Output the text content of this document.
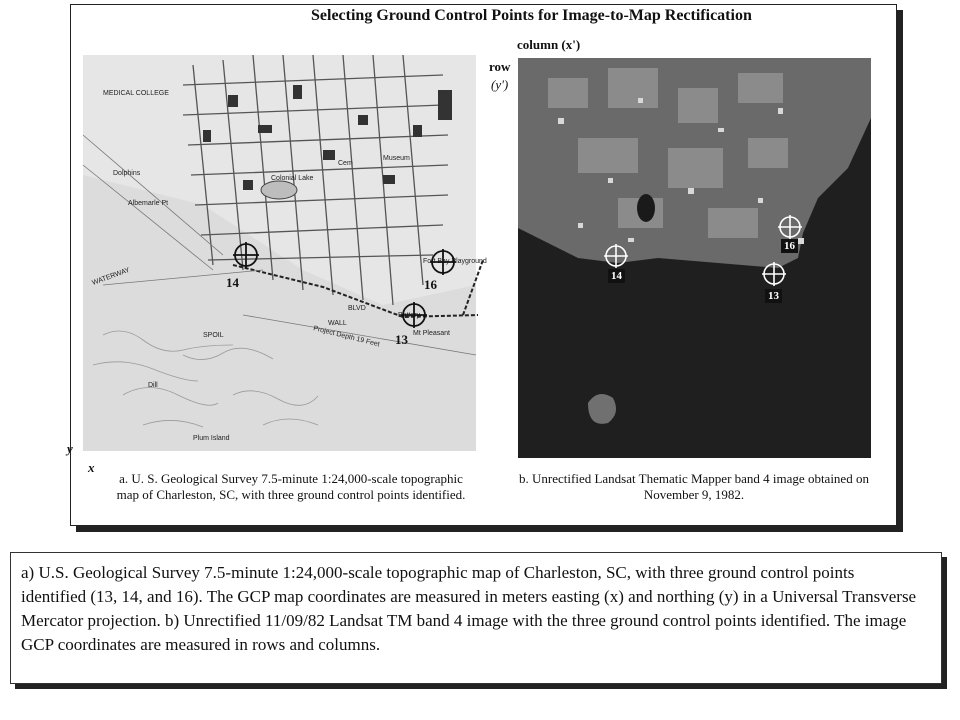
Selecting Ground Control Points for Image-to-Map Rectification
column (x')
row
(y')
Colonial Lake
MEDICAL COLLEGE
Albemarle Pt
Dolphins
Plum Island
Dill
SPOIL	Project Depth 19 Feet
WATERWAY
BLVD
WALL
Fort Bay Playground
Battery
Mt Pleasant
Cem
Museum
14	16
13
y
x
16
14
13
a. U. S. Geological Survey 7.5-minute 1:24,000-scale topographic map of Charleston, SC, with three ground control points identified.
b. Unrectified Landsat Thematic Mapper band 4 image obtained on November 9, 1982.
a) U.S. Geological Survey 7.5-minute 1:24,000-scale topographic map of Charleston, SC, with three ground control points identified (13, 14, and 16). The GCP map coordinates are measured in meters easting (x) and northing (y) in a Universal Transverse Mercator projection. b) Unrectified 11/09/82 Landsat TM band 4 image with the three ground control points identified. The image GCP coordinates are measured in rows and columns.
